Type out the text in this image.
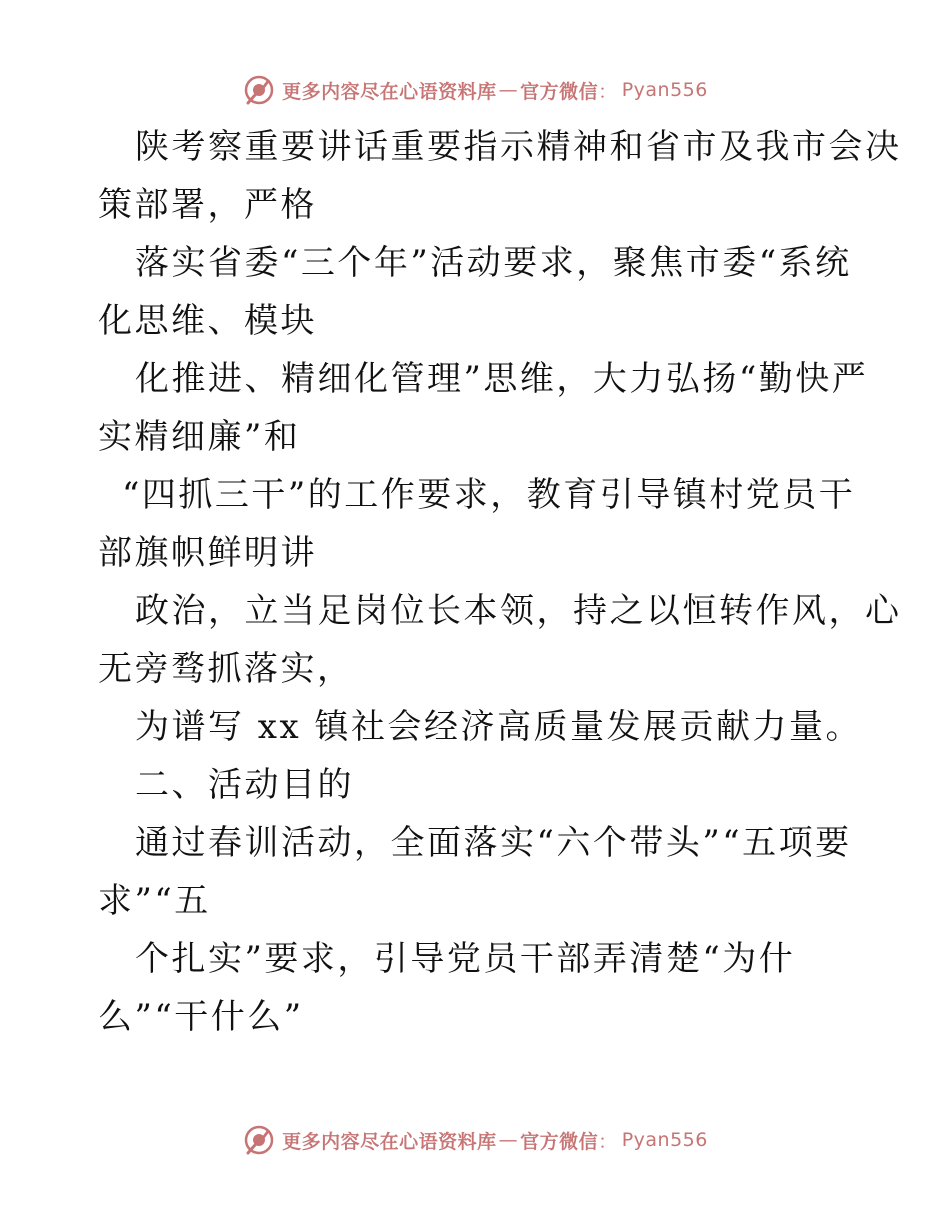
更多内容尽在心语资料库 — 官方微信 ： Pyan556
陕考察重要讲话重要指示精神和省市及我市会决
策部署，严格
落实省委“三个年”活动要求，聚焦市委“系统
化思维、模块
化推进、精细化管理”思维，大力弘扬“勤快严
实精细廉”和
“四抓三干”的工作要求，教育引导镇村党员干
部旗帜鲜明讲
政治，立当足岗位长本领，持之以恒转作风，心
无旁骛抓落实，
为谱写 xx 镇社会经济高质量发展贡献力量。
二、活动目的
通过春训活动，全面落实“六个带头”“五项要
求”“五
个扎实”要求，引导党员干部弄清楚“为什
么”“干什么”
更多内容尽在心语资料库 — 官方微信 ： Pyan556
